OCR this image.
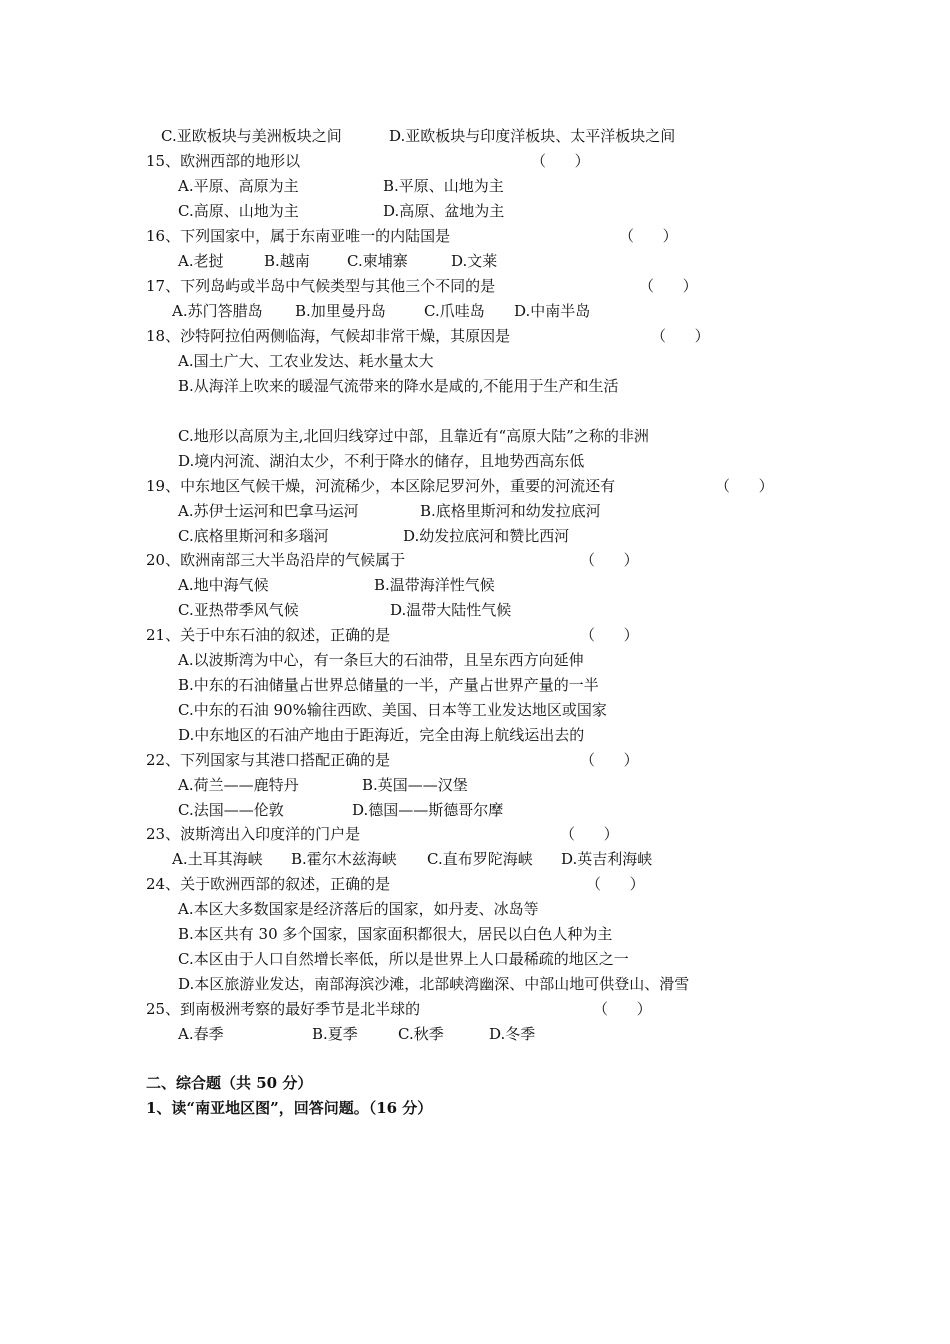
C.亚欧板块与美洲板块之间	D.亚欧板块与印度洋板块、太平洋板块之间
15、欧洲西部的地形以	（      ）
A.平原、高原为主	B.平原、山地为主
C.高原、山地为主	D.高原、盆地为主
16、下列国家中，属于东南亚唯一的内陆国是	（      ）
A.老挝	B.越南 C.柬埔寨	D.文莱
17、下列岛屿或半岛中气候类型与其他三个不同的是	（      ）
A.苏门答腊岛 B.加里曼丹岛	C.爪哇岛 D.中南半岛
18、沙特阿拉伯两侧临海，气候却非常干燥，其原因是	（      ）
A.国土广大、工农业发达、耗水量太大
B.从海洋上吹来的暖湿气流带来的降水是咸的,不能用于生产和生活
C.地形以高原为主,北回归线穿过中部，且靠近有“高原大陆”之称的非洲
D.境内河流、湖泊太少，不利于降水的储存，且地势西高东低
19、中东地区气候干燥，河流稀少，本区除尼罗河外，重要的河流还有	（      ）
A.苏伊士运河和巴拿马运河	B.底格里斯河和幼发拉底河
C.底格里斯河和多瑙河	D.幼发拉底河和赞比西河
20、欧洲南部三大半岛沿岸的气候属于	（      ）
A.地中海气候	B.温带海洋性气候
C.亚热带季风气候	D.温带大陆性气候
21、关于中东石油的叙述，正确的是	（      ）
A.以波斯湾为中心，有一条巨大的石油带，且呈东西方向延伸
B.中东的石油储量占世界总储量的一半，产量占世界产量的一半
C.中东的石油 90%输往西欧、美国、日本等工业发达地区或国家
D.中东地区的石油产地由于距海近，完全由海上航线运出去的
22、下列国家与其港口搭配正确的是	（      ）
A.荷兰——鹿特丹	B.英国——汉堡
C.法国——伦敦	D.德国——斯德哥尔摩
23、波斯湾出入印度洋的门户是	（      ）
A.土耳其海峡 B.霍尔木兹海峡 C.直布罗陀海峡 D.英吉利海峡
24、关于欧洲西部的叙述，正确的是	（      ）
A.本区大多数国家是经济落后的国家，如丹麦、冰岛等
B.本区共有 30 多个国家，国家面积都很大，居民以白色人种为主
C.本区由于人口自然增长率低，所以是世界上人口最稀疏的地区之一
D.本区旅游业发达，南部海滨沙滩，北部峡湾幽深、中部山地可供登山、滑雪
25、到南极洲考察的最好季节是北半球的	（      ）
A.春季	B.夏季	C.秋季	D.冬季
二、综合题（共 50 分）
1、读“南亚地区图”，回答问题。（16 分）
